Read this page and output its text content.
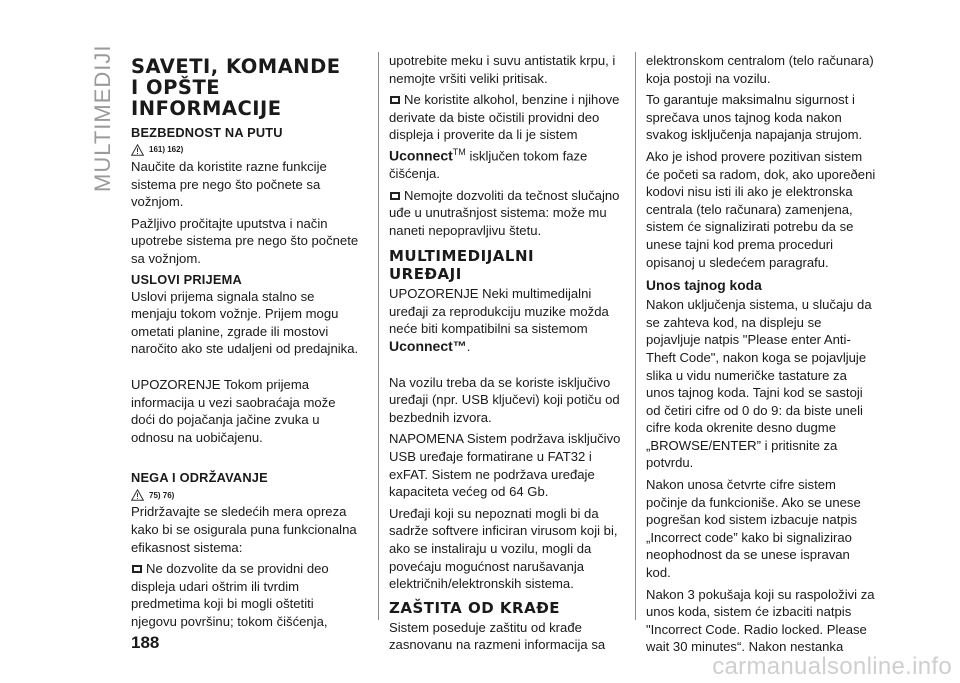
MULTIMEDIJI SAVETI, KOMANDE
I OPŠTE
INFORMACIJE
BEZBEDNOST NA PUTU
161) 162)

Naučite da koristite razne funkcije sistema pre nego što počnete sa vožnjom.

Pažljivo pročitajte uputstva i način upotrebe sistema pre nego što počnete sa vožnjom.

USLOVI PRIJEMA

Uslovi prijema signala stalno se menjaju tokom vožnje. Prijem mogu ometati planine, zgrade ili mostovi naročito ako ste udaljeni od predajnika.

UPOZORENJE Tokom prijema informacija u vezi saobraćaja može doći do pojačanja jačine zvuka u odnosu na uobičajenu.

NEGA I ODRŽAVANJE
75) 76)

Pridržavajte se sledećih mera opreza kako bi se osigurala puna funkcionalna efikasnost sistema:

Ne dozvolite da se providni deo displeja udari oštrim ili tvrdim predmetima koji bi mogli oštetiti njegovu površinu; tokom čišćenja,

upotrebite meku i suvu antistatik krpu, i nemojte vršiti veliki pritisak.

Ne koristite alkohol, benzine i njihove derivate da biste očistili providni deo displeja i proverite da li je sistem Uconnect™ isključen tokom faze čišćenja.

Nemojte dozvoliti da tečnost slučajno uđe u unutrašnjost sistema: može mu naneti nepopravljivu štetu.

MULTIMEDIJALNI
UREĐAJI

UPOZORENJE Neki multimedijalni uređaji za reprodukciju muzike možda neće biti kompatibilni sa sistemom Uconnect™.

Na vozilu treba da se koriste isključivo uređaji (npr. USB ključevi) koji potiču od bezbednih izvora.

NAPOMENA Sistem podržava isključivo USB uređaje formatirane u FAT32 i exFAT. Sistem ne podržava uređaje kapaciteta većeg od 64 Gb.

Uređaji koji su nepoznati mogli bi da sadrže softvere inficiran virusom koji bi, ako se instaliraju u vozilu, mogli da povećaju mogućnost narušavanja električnih/elektronskih sistema.

ZAŠTITA OD KRAĐE

Sistem poseduje zaštitu od krađe zasnovanu na razmeni informacija sa

elektronskom centralom (telo računara) koja postoji na vozilu.

To garantuje maksimalnu sigurnost i sprečava unos tajnog koda nakon svakog isključenja napajanja strujom.

Ako je ishod provere pozitivan sistem će početi sa radom, dok, ako uporeðeni kodovi nisu isti ili ako je elektronska centrala (telo računara) zamenjena, sistem će signalizirati potrebu da se unese tajni kod prema proceduri opisanoj u sledećem paragrafu.

Unos tajnog koda

Nakon uključenja sistema, u slučaju da se zahteva kod, na displeju se pojavljuje natpis "Please enter Anti-Theft Code", nakon koga se pojavljuje slika u vidu numeričke tastature za unos tajnog koda. Tajni kod se sastoji od četiri cifre od 0 do 9: da biste uneli cifre kodа okrenite desno dugme „BROWSE/ENTER” i pritisnite za potvrdu.

Nakon unosa četvrte cifre sistem počinje da funkcioniše. Ako se unese pogrešan kod sistem izbacuje natpis „Incorrect code” kako bi signalizirao neophodnost da se unese ispravan kod.

Nakon 3 pokušaja koji su raspoloživi za unos koda, sistem će izbaciti natpis "Incorrect Code. Radio locked. Please wait 30 minutes“. Nakon nestanka

188
carmanualsonline.info
